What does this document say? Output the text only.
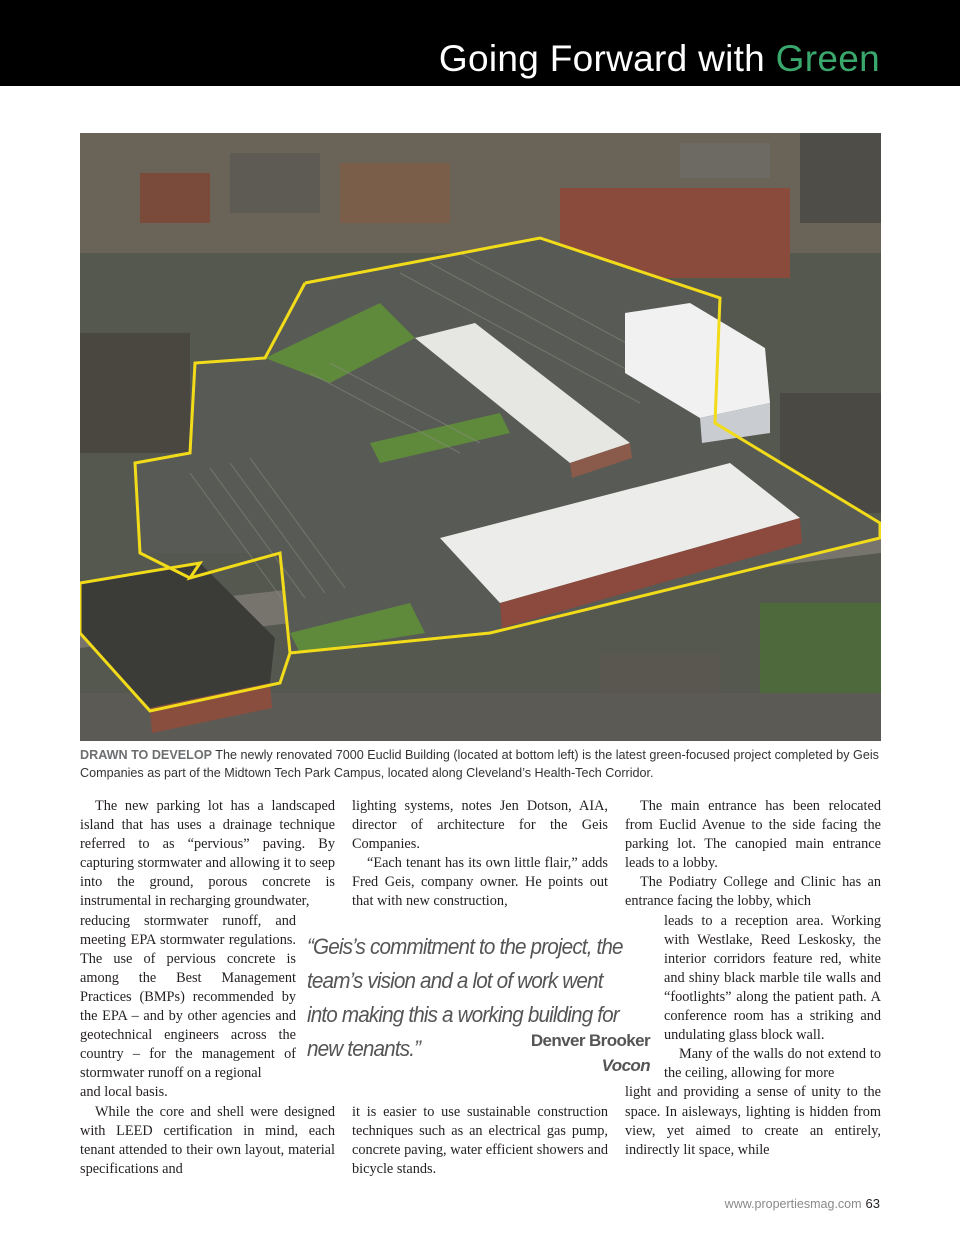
Going Forward with Green
DRAWN TO DEVELOP The newly renovated 7000 Euclid Building (located at bottom left) is the latest green-focused project completed by Geis Companies as part of the Midtown Tech Park Campus, located along Cleveland’s Health-Tech Corridor.

The new parking lot has a landscaped island that has uses a drainage technique referred to as “pervious” paving. By capturing stormwater and allowing it to seep into the ground, porous concrete is instrumental in recharging groundwater,

reducing stormwater runoff, and meeting EPA stormwater regulations. The use of pervious concrete is among the Best Management Practices (BMPs) recommended by the EPA – and by other agencies and geotechnical engineers across the country – for the management of stormwater runoff on a regional

and local basis.

While the core and shell were designed with LEED certification in mind, each tenant attended to their own layout, material specifications and

lighting systems, notes Jen Dotson, AIA, director of architecture for the Geis Companies.

“Each tenant has its own little flair,” adds Fred Geis, company owner. He points out that with new construction,

“Geis’s commitment to the project, the team’s vision and a lot of work went into making this a working building for new tenants.”	Denver Brooker
Vocon

it is easier to use sustainable construction techniques such as an electrical gas pump, concrete paving, water efficient showers and bicycle stands.

The main entrance has been relocated from Euclid Avenue to the side facing the parking lot. The canopied main entrance leads to a lobby.

The Podiatry College and Clinic has an entrance facing the lobby, which

leads to a reception area. Working with Westlake, Reed Leskosky, the interior corridors feature red, white and shiny black marble tile walls and “footlights” along the patient path. A conference room has a striking and undulating glass block wall.

Many of the walls do not extend to the ceiling, allowing for more

light and providing a sense of unity to the space. In aisleways, lighting is hidden from view, yet aimed to create an entirely, indirectly lit space, while

www.propertiesmag.com 63
